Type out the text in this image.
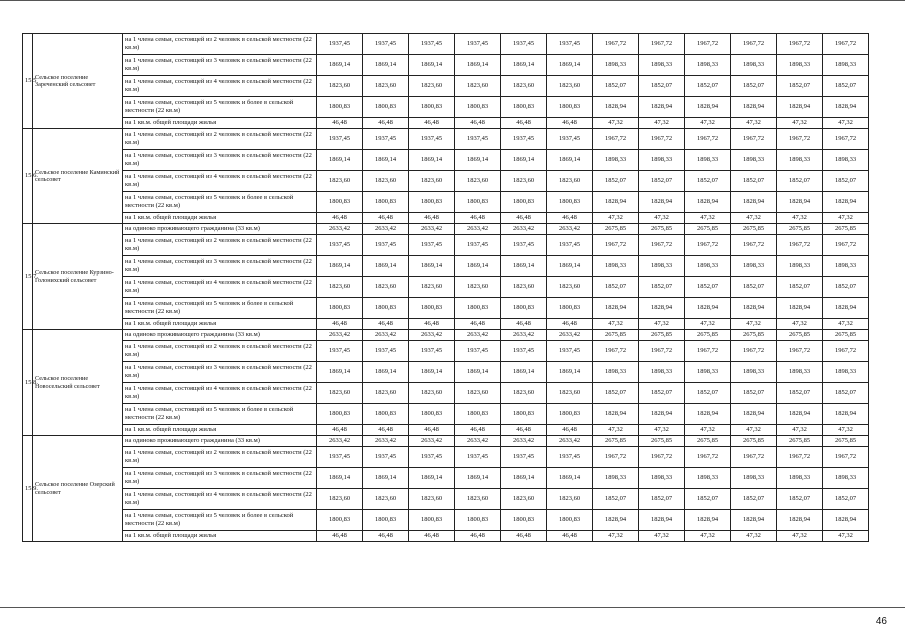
15.5	Сельское поселение Зареченский сельсовет	на 1 члена семьи, состоящей из 2 человек в сельской местности (22 кв.м)	1937,45	1937,45	1937,45	1937,45	1937,45	1937,45	1967,72	1967,72	1967,72	1967,72	1967,72	1967,72
		на 1 члена семьи, состоящей из 3 человек в сельской местности (22 кв.м)	1869,14	1869,14	1869,14	1869,14	1869,14	1869,14	1898,33	1898,33	1898,33	1898,33	1898,33	1898,33
		на 1 члена семьи, состоящей из 4 человек в сельской местности (22 кв.м)	1823,60	1823,60	1823,60	1823,60	1823,60	1823,60	1852,07	1852,07	1852,07	1852,07	1852,07	1852,07
		на 1 члена семьи, состоящей из 5 человек и более в сельской местности (22 кв.м)	1800,83	1800,83	1800,83	1800,83	1800,83	1800,83	1828,94	1828,94	1828,94	1828,94	1828,94	1828,94
		на 1 кв.м. общей площади жилья	46,48	46,48	46,48	46,48	46,48	46,48	47,32	47,32	47,32	47,32	47,32	47,32
15.6.	Сельское поселение Каминский сельсовет	на 1 члена семьи, состоящей из 2 человек в сельской местности (22 кв.м)	1937,45	1937,45	1937,45	1937,45	1937,45	1937,45	1967,72	1967,72	1967,72	1967,72	1967,72	1967,72
		на 1 члена семьи, состоящей из 3 человек в сельской местности (22 кв.м)	1869,14	1869,14	1869,14	1869,14	1869,14	1869,14	1898,33	1898,33	1898,33	1898,33	1898,33	1898,33
		на 1 члена семьи, состоящей из 4 человек в сельской местности (22 кв.м)	1823,60	1823,60	1823,60	1823,60	1823,60	1823,60	1852,07	1852,07	1852,07	1852,07	1852,07	1852,07
		на 1 члена семьи, состоящей из 5 человек и более в сельской местности (22 кв.м)	1800,83	1800,83	1800,83	1800,83	1800,83	1800,83	1828,94	1828,94	1828,94	1828,94	1828,94	1828,94
		на 1 кв.м. общей площади жилья	46,48	46,48	46,48	46,48	46,48	46,48	47,32	47,32	47,32	47,32	47,32	47,32
15.7.	Сельское поселение Курзино-Голонихский сельсовет	на одиноко проживающего гражданина (33 кв.м)	2633,42	2633,42	2633,42	2633,42	2633,42	2633,42	2675,85	2675,85	2675,85	2675,85	2675,85	2675,85
		на 1 члена семьи, состоящей из 2 человек в сельской местности (22 кв.м)	1937,45	1937,45	1937,45	1937,45	1937,45	1937,45	1967,72	1967,72	1967,72	1967,72	1967,72	1967,72
		на 1 члена семьи, состоящей из 3 человек в сельской местности (22 кв.м)	1869,14	1869,14	1869,14	1869,14	1869,14	1869,14	1898,33	1898,33	1898,33	1898,33	1898,33	1898,33
		на 1 члена семьи, состоящей из 4 человек в сельской местности (22 кв.м)	1823,60	1823,60	1823,60	1823,60	1823,60	1823,60	1852,07	1852,07	1852,07	1852,07	1852,07	1852,07
		на 1 члена семьи, состоящей из 5 человек и более в сельской местности (22 кв.м)	1800,83	1800,83	1800,83	1800,83	1800,83	1800,83	1828,94	1828,94	1828,94	1828,94	1828,94	1828,94
		на 1 кв.м. общей площади жилья	46,48	46,48	46,48	46,48	46,48	46,48	47,32	47,32	47,32	47,32	47,32	47,32
15.8.	Сельское поселение Новосельский сельсовет	на одиноко проживающего гражданина (33 кв.м)	2633,42	2633,42	2633,42	2633,42	2633,42	2633,42	2675,85	2675,85	2675,85	2675,85	2675,85	2675,85
		на 1 члена семьи, состоящей из 2 человек в сельской местности (22 кв.м)	1937,45	1937,45	1937,45	1937,45	1937,45	1937,45	1967,72	1967,72	1967,72	1967,72	1967,72	1967,72
		на 1 члена семьи, состоящей из 3 человек в сельской местности (22 кв.м)	1869,14	1869,14	1869,14	1869,14	1869,14	1869,14	1898,33	1898,33	1898,33	1898,33	1898,33	1898,33
		на 1 члена семьи, состоящей из 4 человек в сельской местности (22 кв.м)	1823,60	1823,60	1823,60	1823,60	1823,60	1823,60	1852,07	1852,07	1852,07	1852,07	1852,07	1852,07
		на 1 члена семьи, состоящей из 5 человек и более в сельской местности (22 кв.м)	1800,83	1800,83	1800,83	1800,83	1800,83	1800,83	1828,94	1828,94	1828,94	1828,94	1828,94	1828,94
		на 1 кв.м. общей площади жилья	46,48	46,48	46,48	46,48	46,48	46,48	47,32	47,32	47,32	47,32	47,32	47,32
15.9.	Сельское поселение Озерский сельсовет	на одиноко проживающего гражданина (33 кв.м)	2633,42	2633,42	2633,42	2633,42	2633,42	2633,42	2675,85	2675,85	2675,85	2675,85	2675,85	2675,85
		на 1 члена семьи, состоящей из 2 человек в сельской местности (22 кв.м)	1937,45	1937,45	1937,45	1937,45	1937,45	1937,45	1967,72	1967,72	1967,72	1967,72	1967,72	1967,72
		на 1 члена семьи, состоящей из 3 человек в сельской местности (22 кв.м)	1869,14	1869,14	1869,14	1869,14	1869,14	1869,14	1898,33	1898,33	1898,33	1898,33	1898,33	1898,33
		на 1 члена семьи, состоящей из 4 человек в сельской местности (22 кв.м)	1823,60	1823,60	1823,60	1823,60	1823,60	1823,60	1852,07	1852,07	1852,07	1852,07	1852,07	1852,07
		на 1 члена семьи, состоящей из 5 человек и более в сельской местности (22 кв.м)	1800,83	1800,83	1800,83	1800,83	1800,83	1800,83	1828,94	1828,94	1828,94	1828,94	1828,94	1828,94
		на 1 кв.м. общей площади жилья	46,48	46,48	46,48	46,48	46,48	46,48	47,32	47,32	47,32	47,32	47,32	47,32
46
